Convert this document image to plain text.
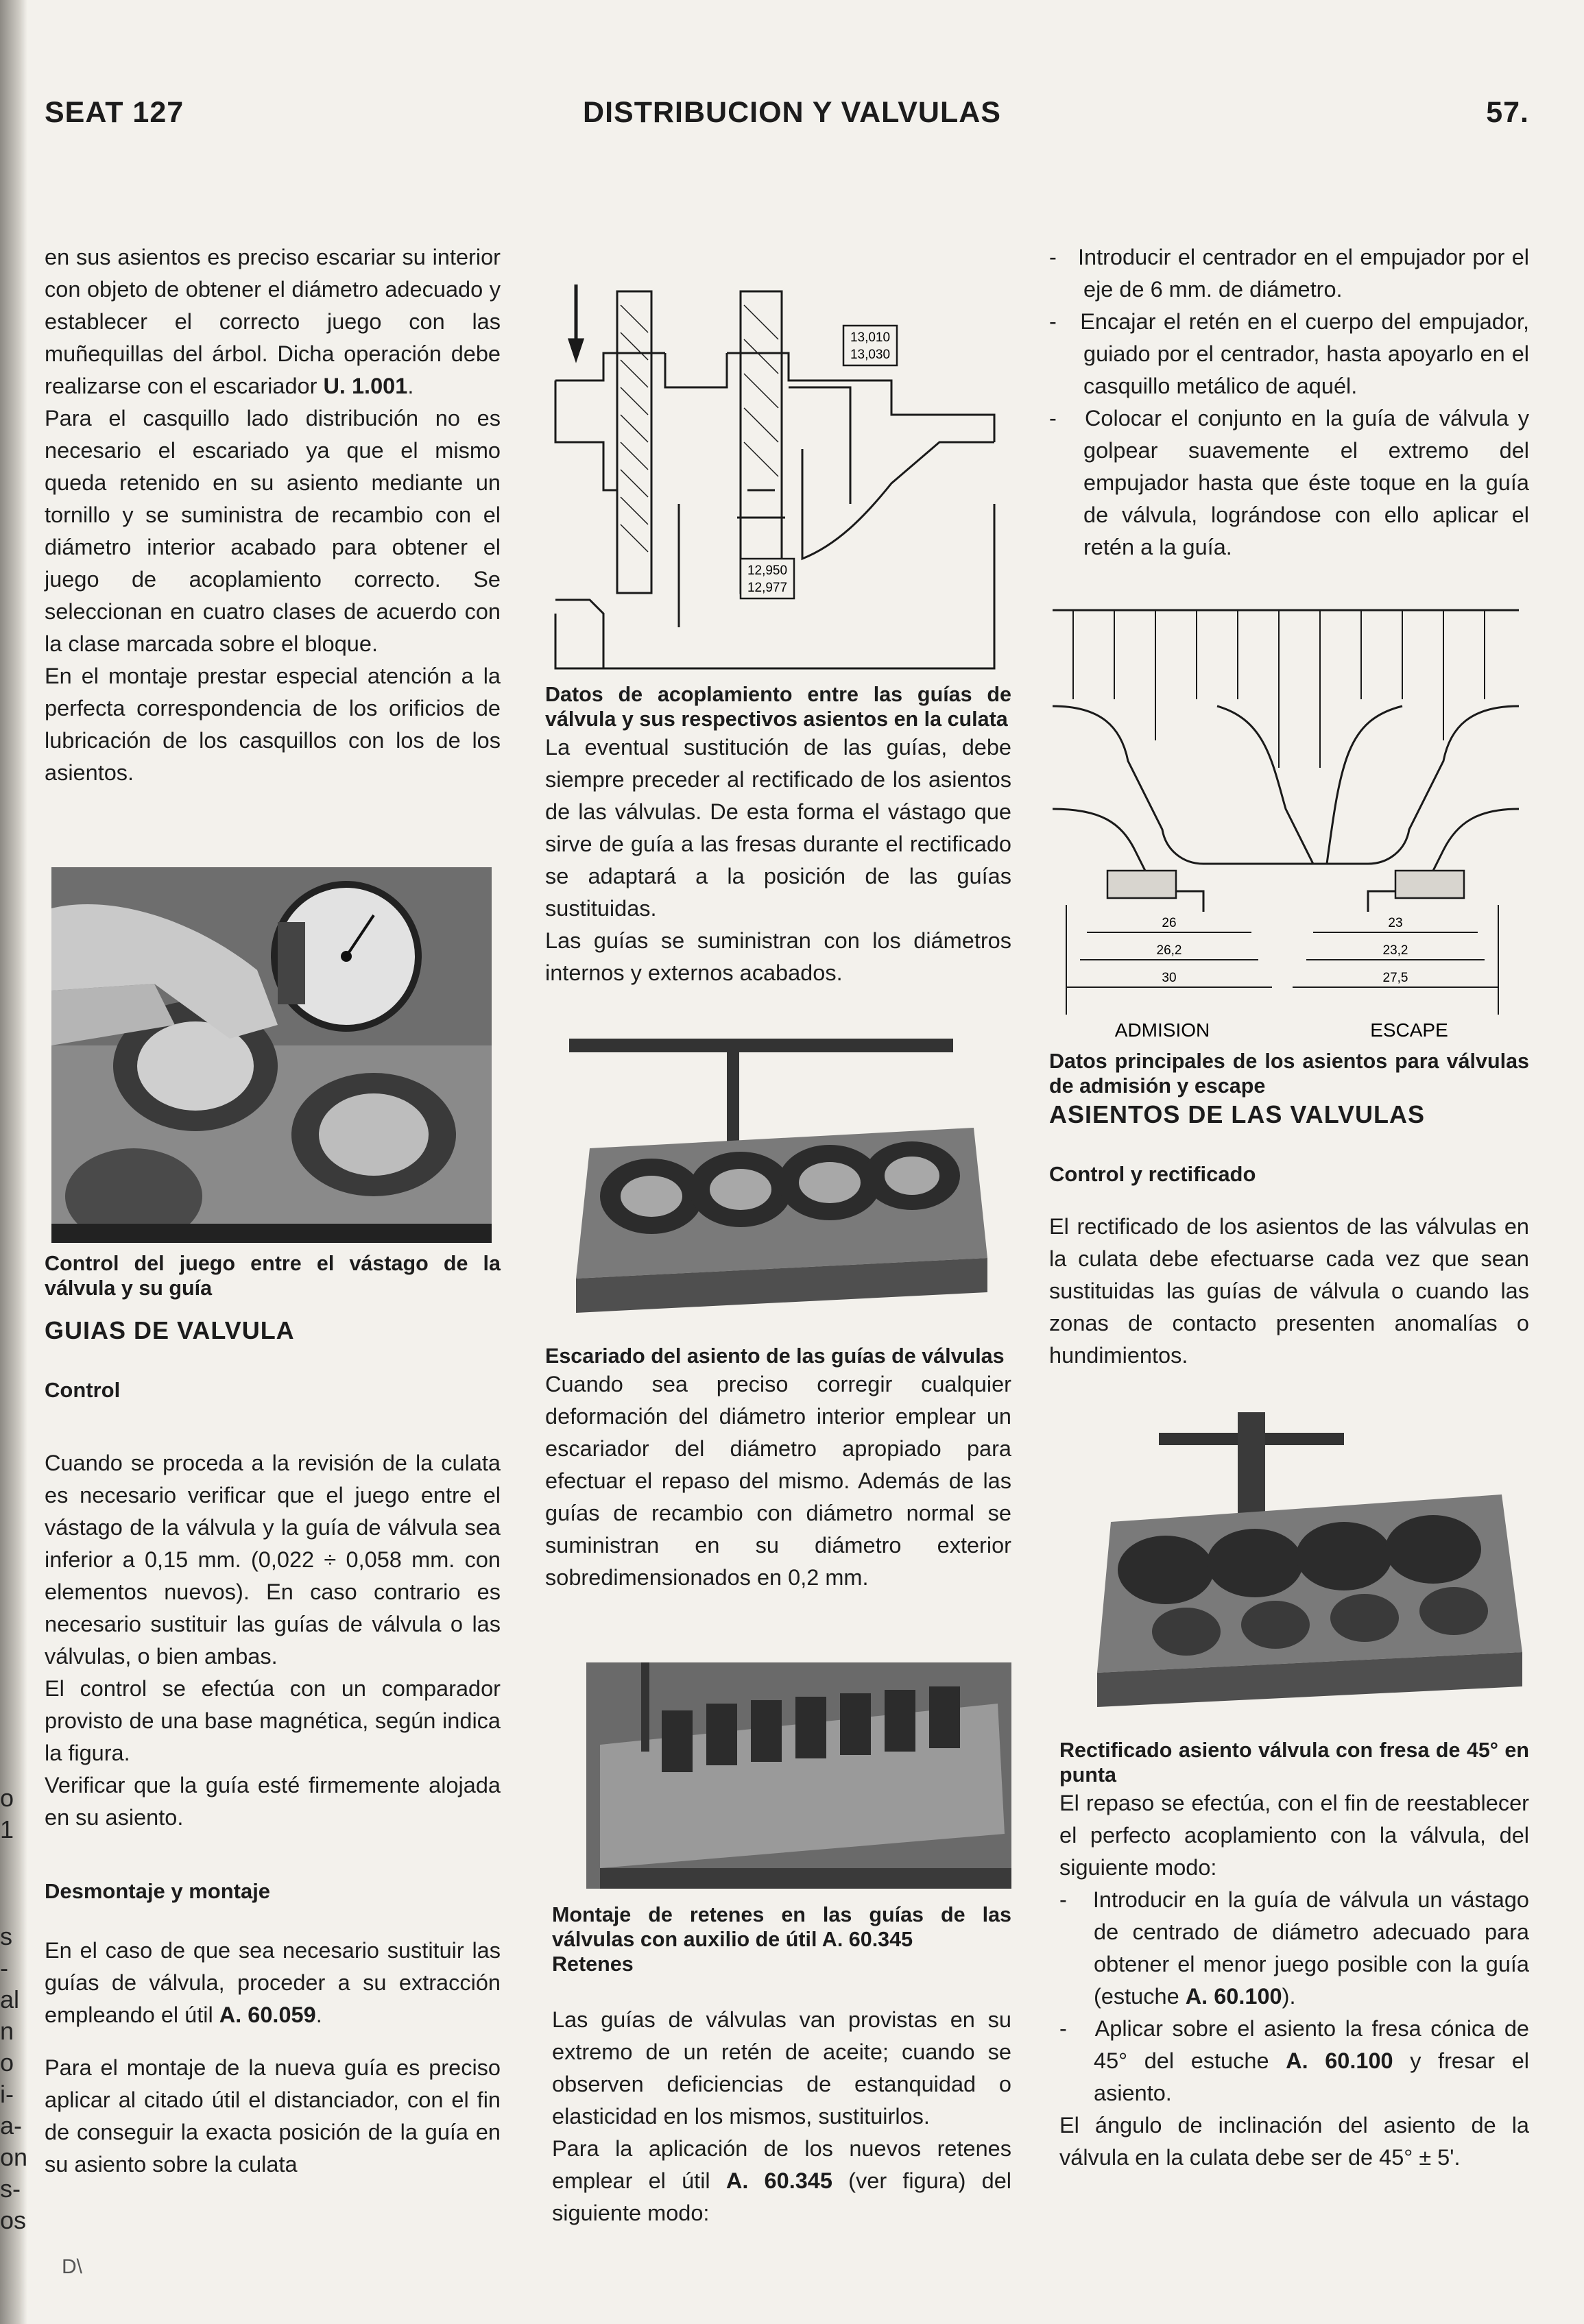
o
1
s
-
al
n
o
i-
a-
on
s-
os
SEAT 127	DISTRIBUCION Y VALVULAS	57.

en sus asientos es preciso escariar su interior con objeto de obtener el diámetro adecuado y establecer el correcto juego con las muñequillas del árbol. Dicha operación debe realizarse con el escariador U. 1.001.

Para el casquillo lado distribución no es necesario el escariado ya que el mismo queda retenido en su asiento mediante un tornillo y se suministra de recambio con el diámetro interior acabado para obtener el juego de acoplamiento correcto. Se seleccionan en cuatro clases de acuerdo con la clase marcada sobre el bloque.

En el montaje prestar especial atención a la perfecta correspondencia de los orificios de lubricación de los casquillos con los de los asientos.

Control del juego entre el vástago de la válvula y su guía

GUIAS DE VALVULA

Control

Cuando se proceda a la revisión de la culata es necesario verificar que el juego entre el vástago de la válvula y la guía de válvula sea inferior a 0,15 mm. (0,022 ÷ 0,058 mm. con elementos nuevos). En caso contrario es necesario sustituir las guías de válvula o las válvulas, o bien ambas.

El control se efectúa con un comparador provisto de una base magnética, según indica la figura.

Verificar que la guía esté firmemente alojada en su asiento.

Desmontaje y montaje

En el caso de que sea necesario sustituir las guías de válvula, proceder a su extracción empleando el útil A. 60.059.

Para el montaje de la nueva guía es preciso aplicar al citado útil el distanciador, con el fin de conseguir la exacta posición de la guía en su asiento sobre la culata

13,010
13,030
12,950
12,977

Datos de acoplamiento entre las guías de válvula y sus respectivos asientos en la culata

La eventual sustitución de las guías, debe siempre preceder al rectificado de los asientos de las válvulas. De esta forma el vástago que sirve de guía a las fresas durante el rectificado se adaptará a la posición de las guías sustituidas.

Las guías se suministran con los diámetros internos y externos acabados.

Escariado del asiento de las guías de válvulas

Cuando sea preciso corregir cualquier deformación del diámetro interior emplear un escariador del diámetro apropiado para efectuar el repaso del mismo. Además de las guías de recambio con diámetro normal se suministran en su diámetro exterior sobredimensionados en 0,2 mm.

Montaje de retenes en las guías de las válvulas con auxilio de útil A. 60.345

Retenes

Las guías de válvulas van provistas en su extremo de un retén de aceite; cuando se observen deficiencias de estanquidad o elasticidad en los mismos, sustituirlos.

Para la aplicación de los nuevos retenes emplear el útil A. 60.345 (ver figura) del siguiente modo:

-   Introducir el centrador en el empujador por el eje de 6 mm. de diámetro.

-   Encajar el retén en el cuerpo del empujador, guiado por el centrador, hasta apoyarlo en el casquillo metálico de aquél.

-   Colocar el conjunto en la guía de válvula y golpear suavemente el extremo del empujador hasta que éste toque en la guía de válvula, lográndose con ello aplicar el retén a la guía.

26
26,2
30
23
23,2
27,5
ADMISION	ESCAPE

Datos principales de los asientos para válvulas de admisión y escape

ASIENTOS DE LAS VALVULAS

Control y rectificado

El rectificado de los asientos de las válvulas en la culata debe efectuarse cada vez que sean sustituidas las guías de válvula o cuando las zonas de contacto presenten anomalías o hundimientos.

Rectificado asiento válvula con fresa de 45° en punta

El repaso se efectúa, con el fin de reestablecer el perfecto acoplamiento con la válvula, del siguiente modo:

-   Introducir en la guía de válvula un vástago de centrado de diámetro adecuado para obtener el menor juego posible con la guía (estuche A. 60.100).

-   Aplicar sobre el asiento la fresa cónica de 45° del estuche A. 60.100 y fresar el asiento.

El ángulo de inclinación del asiento de la válvula en la culata debe ser de 45° ± 5'.

D\
